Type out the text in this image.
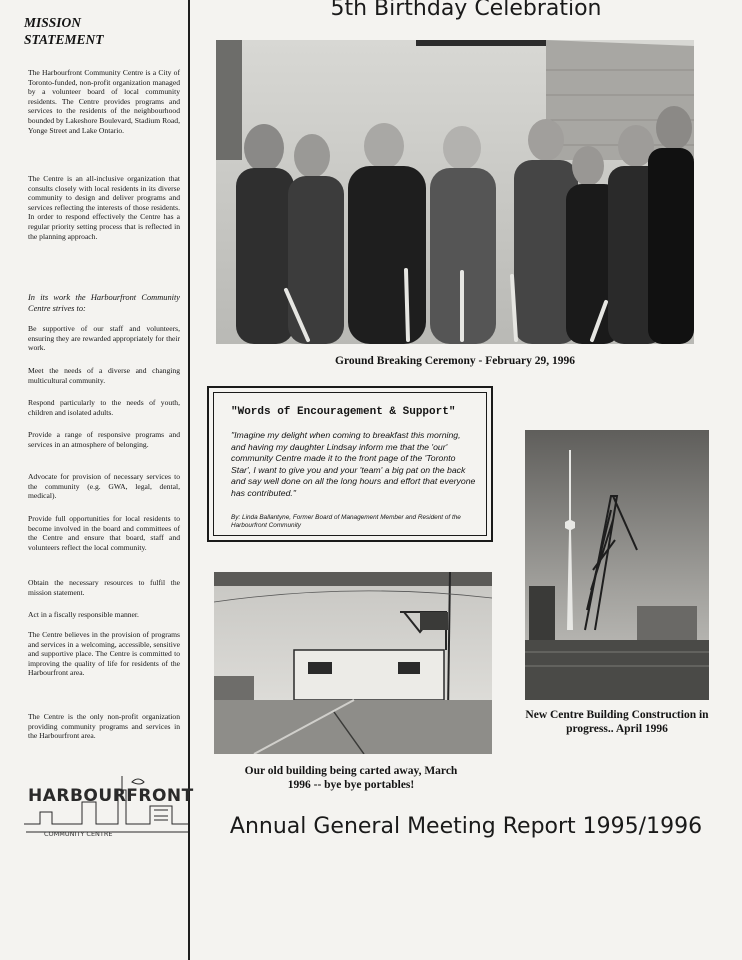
MISSION
STATEMENT

The Harbourfront Community Centre is a City of Toronto-funded, non-profit organization managed by a volunteer board of local community residents. The Centre provides programs and services to the residents of the neighbourhood bounded by Lakeshore Boulevard, Stadium Road, Yonge Street and Lake Ontario.

The Centre is an all-inclusive organization that consults closely with local residents in its diverse community to design and deliver programs and services reflecting the interests of those residents. In order to respond effectively the Centre has a regular priority setting process that is reflected in the planning approach.

In its work the Harbourfront Community Centre strives to:

Be supportive of our staff and volunteers, ensuring they are rewarded appropriately for their work.

Meet the needs of a diverse and changing multicultural community.

Respond particularly to the needs of youth, children and isolated adults.

Provide a range of responsive programs and services in an atmosphere of belonging.

Advocate for provision of necessary services to the community (e.g. GWA, legal, dental, medical).

Provide full opportunities for local residents to become involved in the board and committees of the Centre and ensure that board, staff and volunteers reflect the local community.

Obtain the necessary resources to fulfil the mission statement.

Act in a fiscally responsible manner.

The Centre believes in the provision of programs and services in a welcoming, accessible, sensitive and supportive place. The Centre is committed to improving the quality of life for residents of the Harbourfront area.

The Centre is the only non-profit organization providing community programs and services in the Harbourfront area.

HARBOURFRONT
COMMUNITY CENTRE
5th Birthday Celebration
Ground Breaking Ceremony - February 29, 1996
"Words of Encouragement & Support"
"Imagine my delight when coming to breakfast this morning, and having my daughter Lindsay inform me that the 'our' community Centre made it to the front page of the 'Toronto Star', I want to give you and your 'team' a big pat on the back and say well done on all the long hours and effort that everyone has contributed."
By: Linda Ballantyne, Former Board of Management Member and Resident of the Harbourfront Community
New Centre Building Construction in progress.. April 1996
Our old building being carted away, March 1996 -- bye bye portables!
Annual General Meeting Report 1995/1996
